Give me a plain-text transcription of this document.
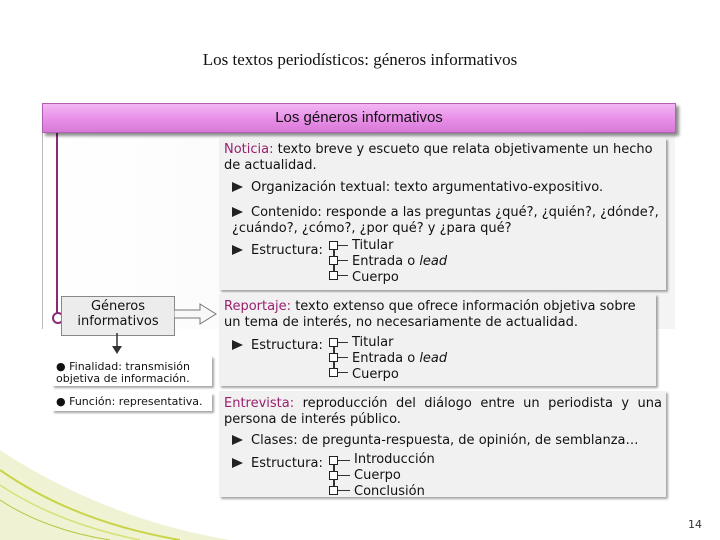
Los textos periodísticos: géneros informativos
Los géneros informativos
Géneros
informativos
● Finalidad: transmisión objetiva de información.
● Función: representativa.
Noticia: texto breve y escueto que relata objetivamente un hecho de actualidad.
Organización textual: texto argumentativo-expositivo.
Contenido: responde a las preguntas ¿qué?, ¿quién?, ¿dónde?, ¿cuándo?, ¿cómo?, ¿por qué? y ¿para qué?
Estructura: Titular
Entrada o lead
Cuerpo
Reportaje: texto extenso que ofrece información objetiva sobre un tema de interés, no necesariamente de actualidad.
Estructura: Titular
Entrada o lead
Cuerpo
Entrevista: reproducción del diálogo entre un periodista y una persona de interés público.
Clases: de pregunta-respuesta, de opinión, de semblanza…
Estructura: Introducción
Cuerpo
Conclusión
14
